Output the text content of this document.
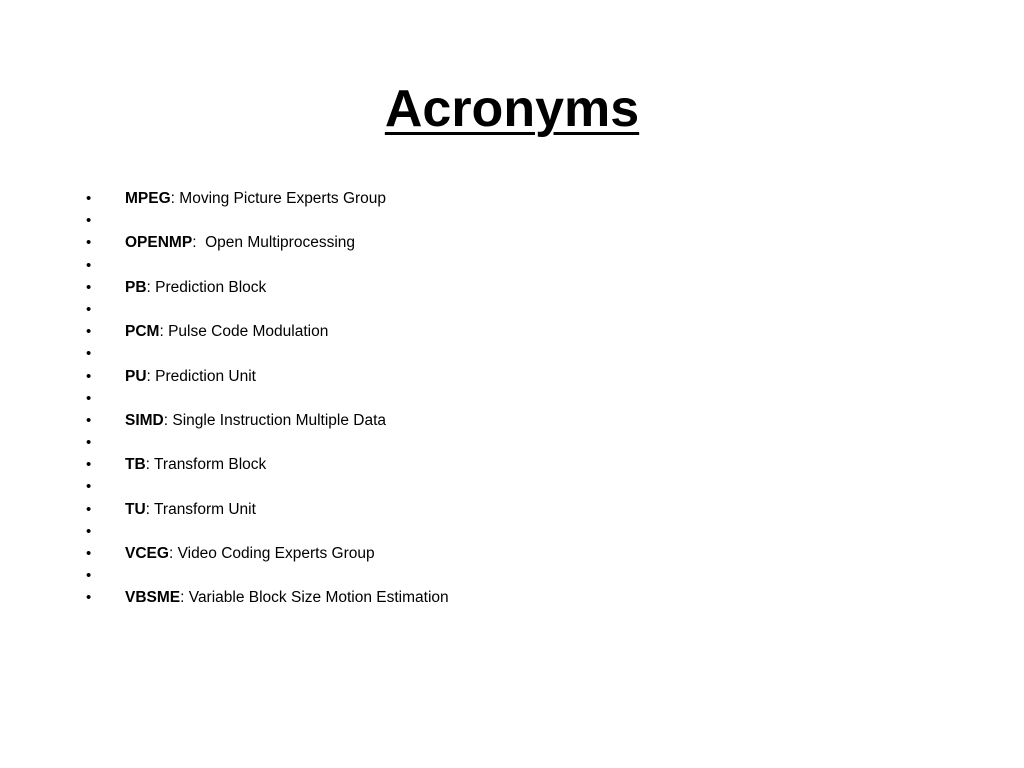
Acronyms
•	MPEG: Moving Picture Experts Group
•
•	OPENMP:  Open Multiprocessing
•
•	PB: Prediction Block
•
•	PCM: Pulse Code Modulation
•
•	PU: Prediction Unit
•
•	SIMD: Single Instruction Multiple Data
•
•	TB: Transform Block
•
•	TU: Transform Unit
•
•	VCEG: Video Coding Experts Group
•
•	VBSME: Variable Block Size Motion Estimation
